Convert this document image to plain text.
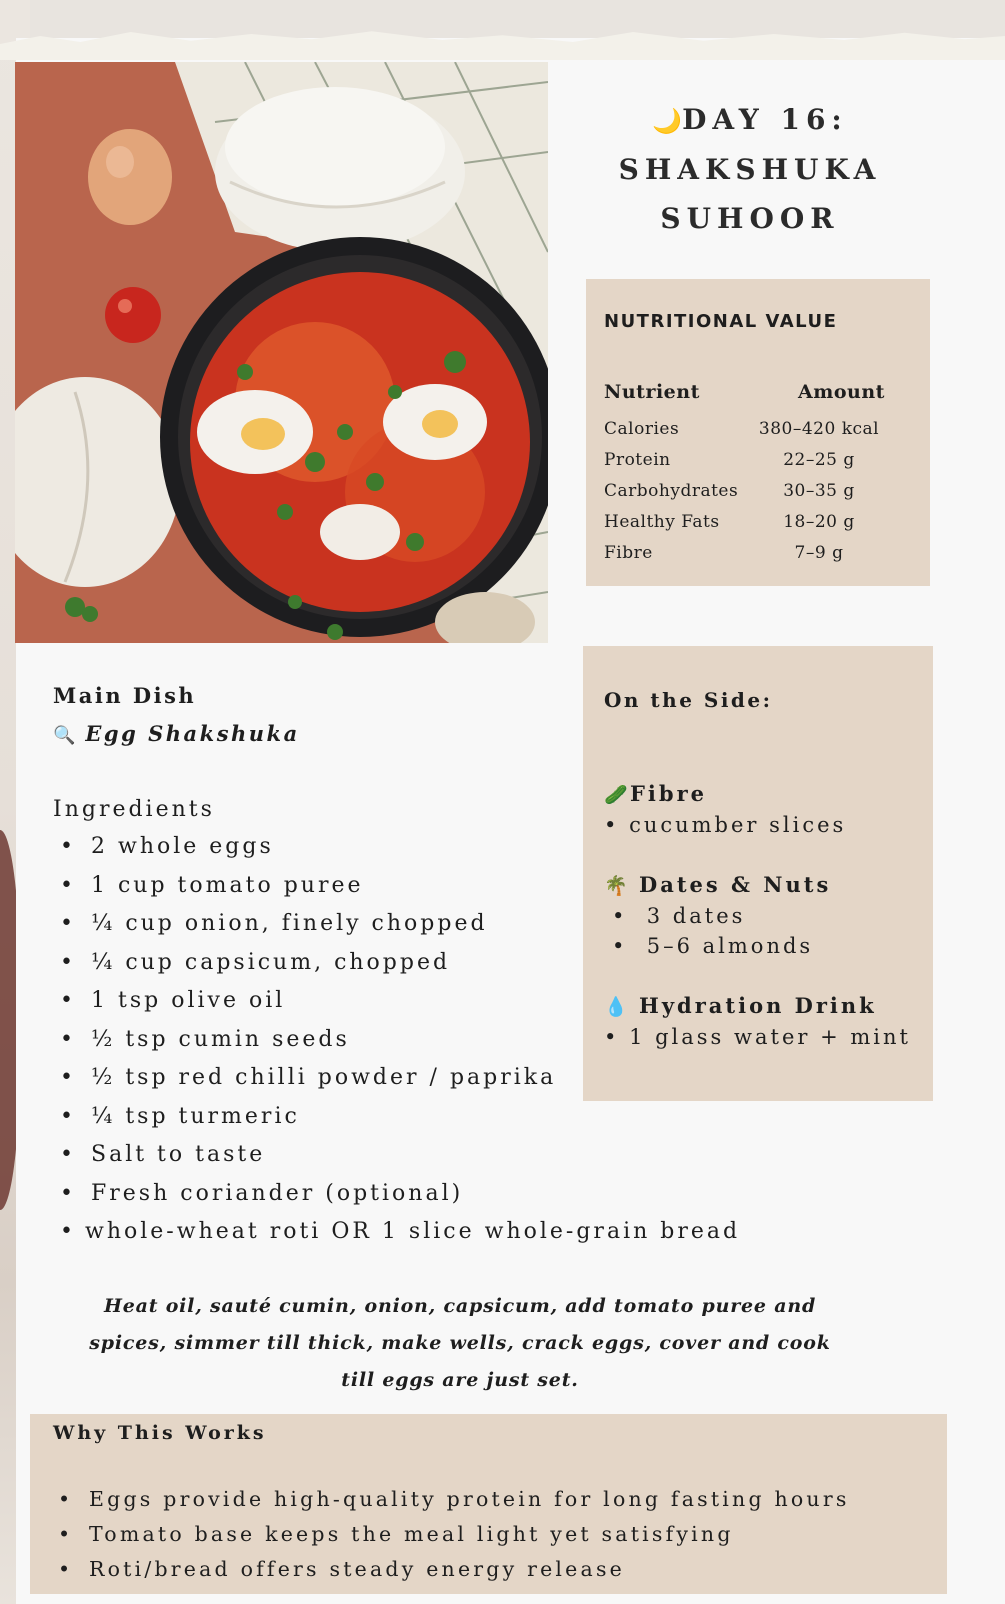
🌙DAY 16:
SHAKSHUKA
SUHOOR
NUTRITIONAL VALUE
Nutrient	Amount
Calories	380–420 kcal
Protein	22–25 g
Carbohydrates	30–35 g
Healthy Fats	18–20 g
Fibre	7–9 g
Main Dish
🔍 Egg Shakshuka
Ingredients
• 2 whole eggs
• 1 cup tomato puree
• ¼ cup onion, finely chopped
• ¼ cup capsicum, chopped
• 1 tsp olive oil
• ½ tsp cumin seeds
• ½ tsp red chilli powder / paprika
• ¼ tsp turmeric
• Salt to taste
• Fresh coriander (optional)
• whole-wheat roti OR 1 slice whole-grain bread
On the Side:
🥒 Fibre
• cucumber slices
🌴 Dates & Nuts
•  3 dates
•  5–6 almonds
💧 Hydration Drink
• 1 glass water + mint
Heat oil, sauté cumin, onion, capsicum, add tomato puree and spices, simmer till thick, make wells, crack eggs, cover and cook till eggs are just set.
Why This Works
• Eggs provide high-quality protein for long fasting hours
• Tomato base keeps the meal light yet satisfying
• Roti/bread offers steady energy release
